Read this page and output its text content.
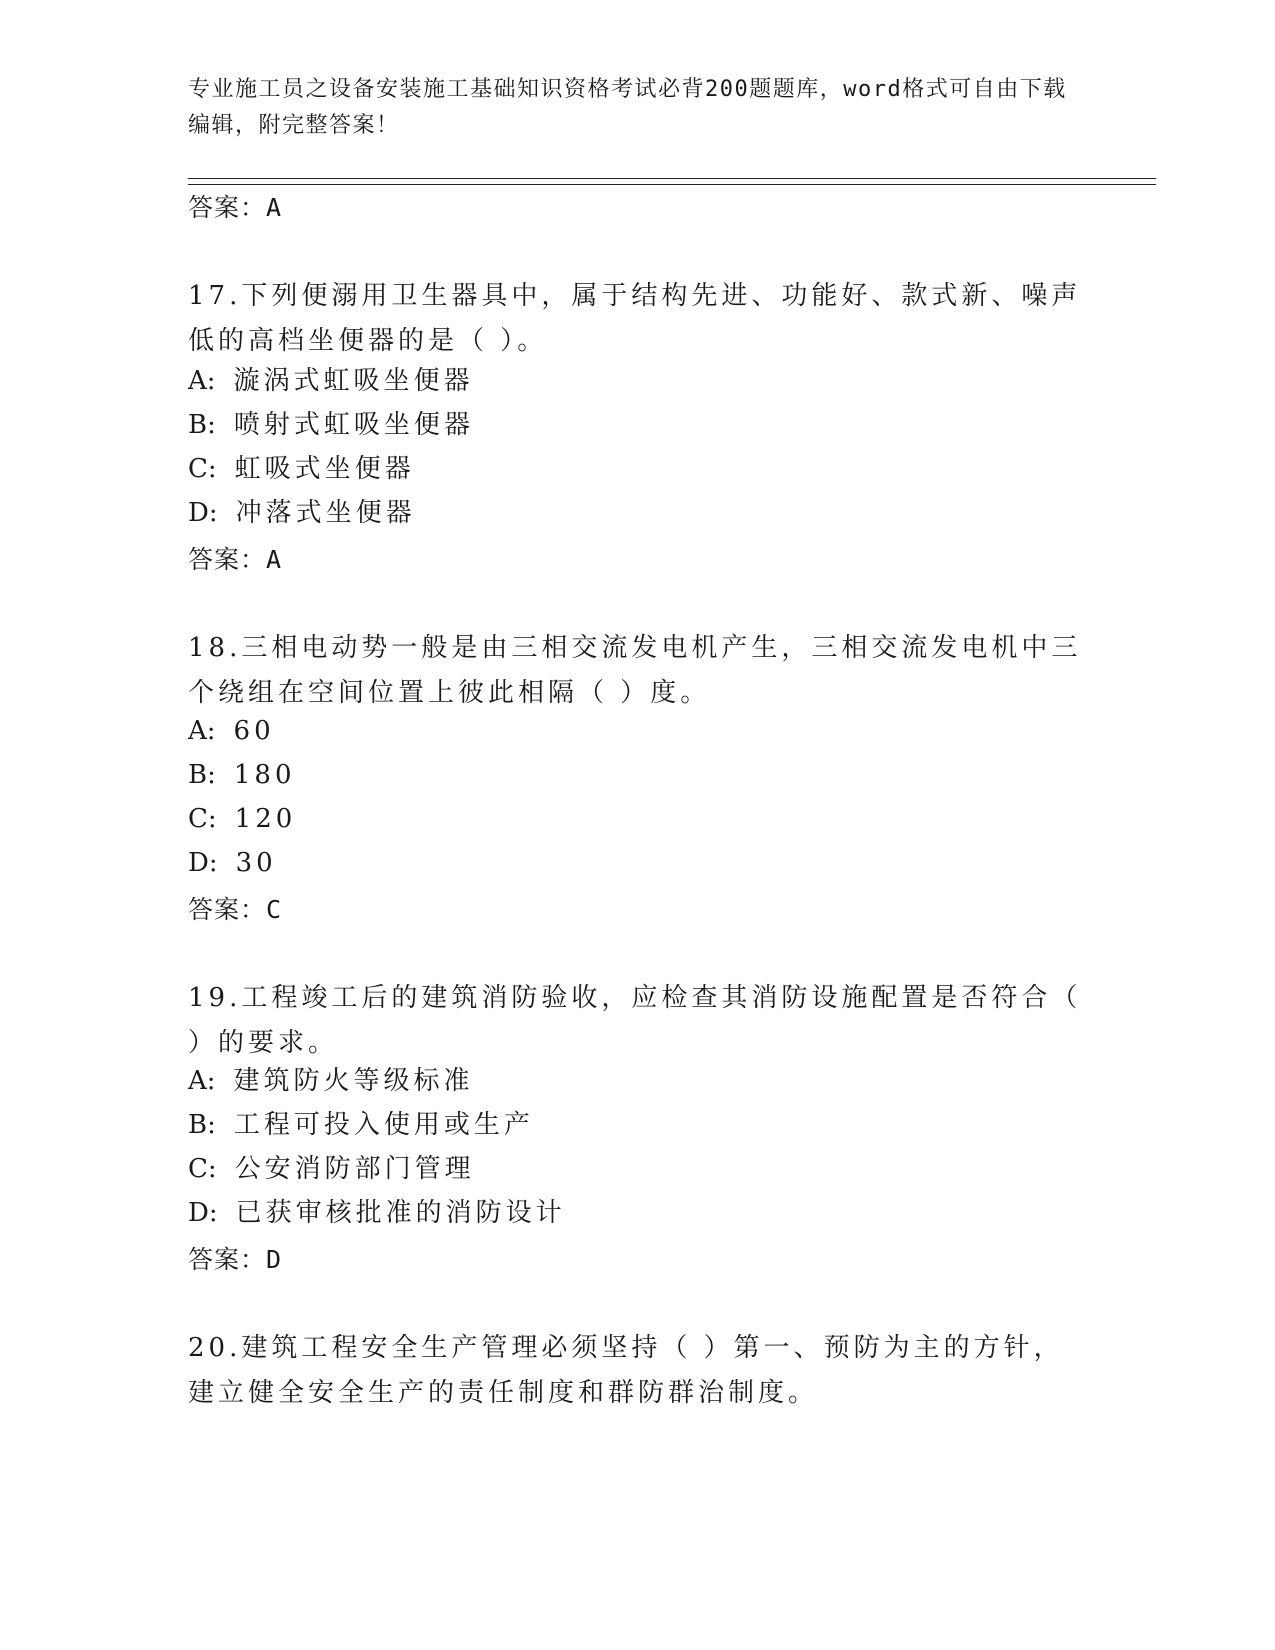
专业施工员之设备安装施工基础知识资格考试必背200题题库，word格式可自由下载编辑，附完整答案！
答案：A
17.下列便溺用卫生器具中，属于结构先进、功能好、款式新、噪声低的高档坐便器的是（ ）。
A: 漩涡式虹吸坐便器
B: 喷射式虹吸坐便器
C: 虹吸式坐便器
D: 冲落式坐便器
答案：A
18.三相电动势一般是由三相交流发电机产生，三相交流发电机中三个绕组在空间位置上彼此相隔（ ）度。
A: 60
B: 180
C: 120
D: 30
答案：C
19.工程竣工后的建筑消防验收，应检查其消防设施配置是否符合（ ）的要求。
A: 建筑防火等级标准
B: 工程可投入使用或生产
C: 公安消防部门管理
D: 已获审核批准的消防设计
答案：D
20.建筑工程安全生产管理必须坚持（ ）第一、预防为主的方针，建立健全安全生产的责任制度和群防群治制度。
